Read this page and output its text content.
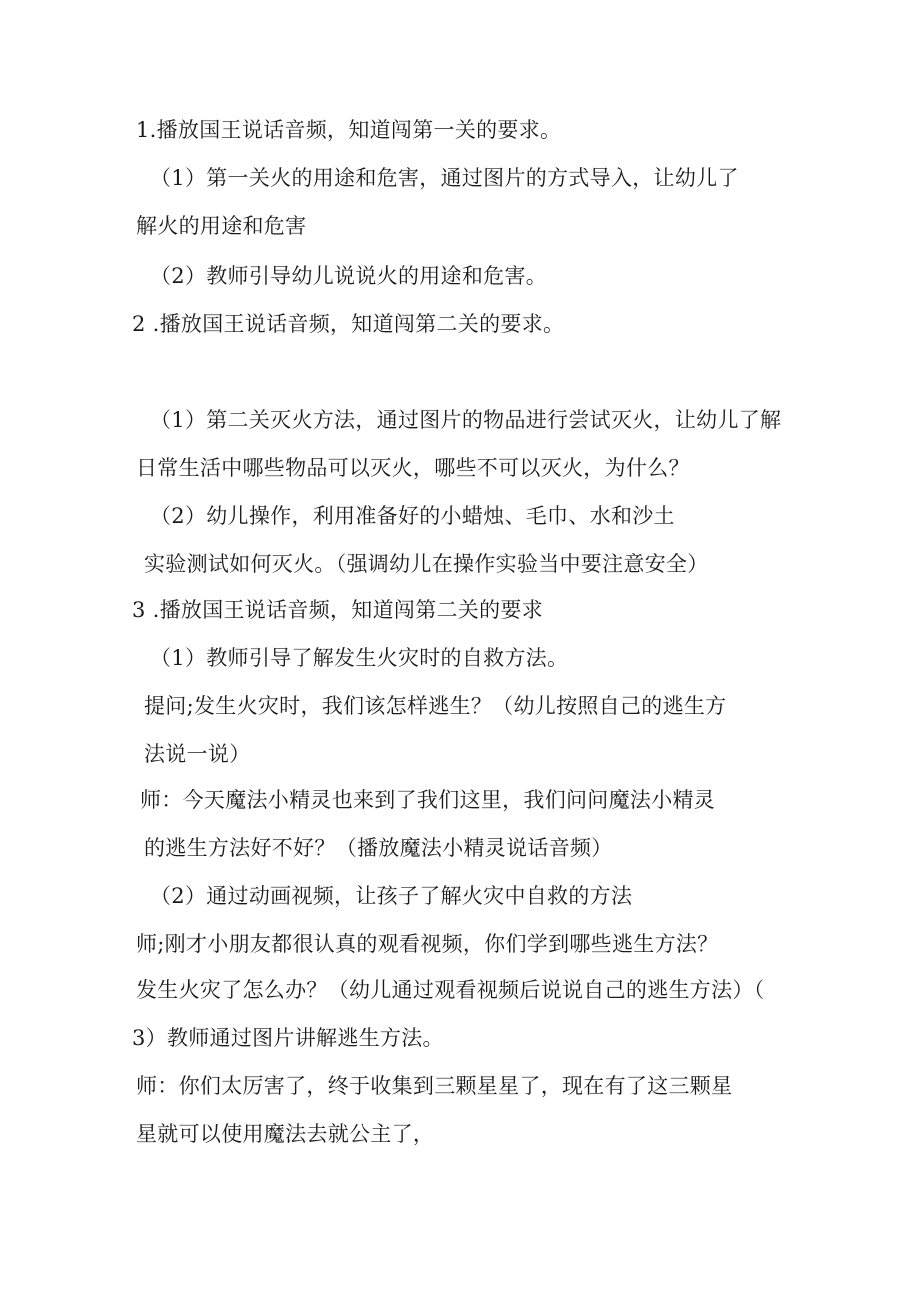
1.播放国王说话音频，知道闯第一关的要求。
（1）第一关火的用途和危害，通过图片的方式导入，让幼儿了
解火的用途和危害
（2）教师引导幼儿说说火的用途和危害。
2 .播放国王说话音频，知道闯第二关的要求。
（1）第二关灭火方法，通过图片的物品进行尝试灭火，让幼儿了解
日常生活中哪些物品可以灭火，哪些不可以灭火，为什么？
（2）幼儿操作，利用准备好的小蜡烛、毛巾、水和沙土
实验测试如何灭火。（强调幼儿在操作实验当中要注意安全）
3 .播放国王说话音频，知道闯第二关的要求
（1）教师引导了解发生火灾时的自救方法。
提问;发生火灾时，我们该怎样逃生？（幼儿按照自己的逃生方
法说一说）
师：今天魔法小精灵也来到了我们这里，我们问问魔法小精灵
的逃生方法好不好？（播放魔法小精灵说话音频）
（2）通过动画视频，让孩子了解火灾中自救的方法
师;刚才小朋友都很认真的观看视频，你们学到哪些逃生方法？
发生火灾了怎么办？（幼儿通过观看视频后说说自己的逃生方法）（
3）教师通过图片讲解逃生方法。
师：你们太厉害了，终于收集到三颗星星了，现在有了这三颗星
星就可以使用魔法去就公主了，
